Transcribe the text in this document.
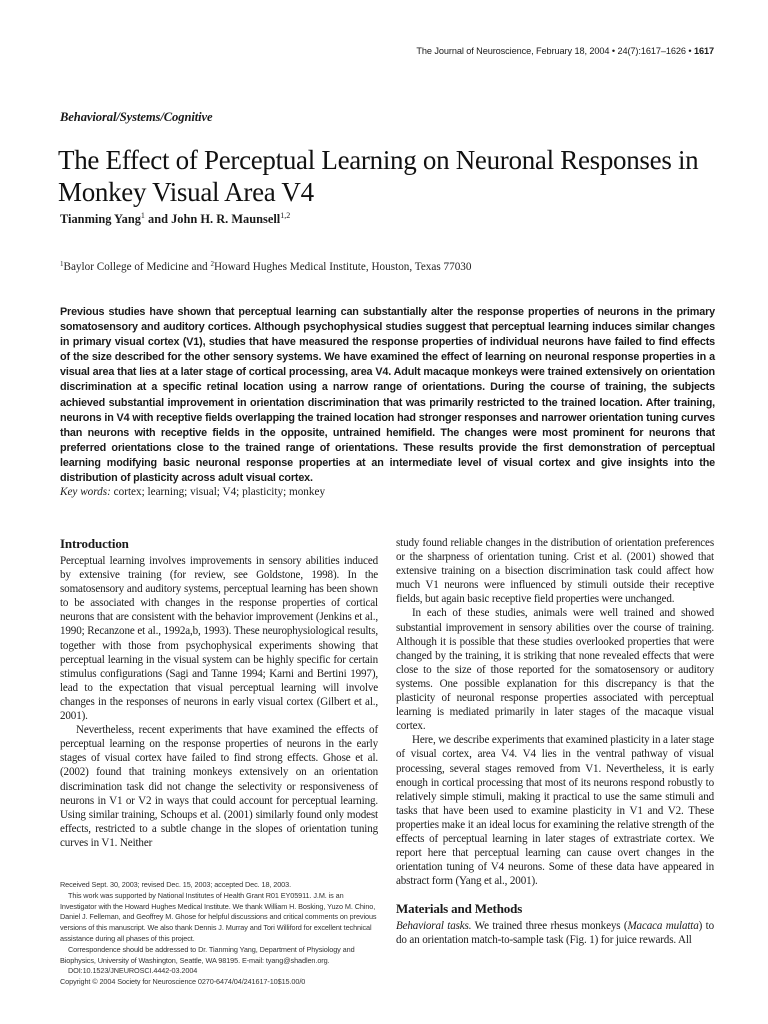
The Journal of Neuroscience, February 18, 2004 • 24(7):1617–1626 • 1617
Behavioral/Systems/Cognitive
The Effect of Perceptual Learning on Neuronal Responses in Monkey Visual Area V4
Tianming Yang$^1$ and John H. R. Maunsell$^{1,2}$
$^1$Baylor College of Medicine and $^2$Howard Hughes Medical Institute, Houston, Texas 77030
Previous studies have shown that perceptual learning can substantially alter the response properties of neurons in the primary somatosensory and auditory cortices. Although psychophysical studies suggest that perceptual learning induces similar changes in primary visual cortex (V1), studies that have measured the response properties of individual neurons have failed to find effects of the size described for the other sensory systems. We have examined the effect of learning on neuronal response properties in a visual area that lies at a later stage of cortical processing, area V4. Adult macaque monkeys were trained extensively on orientation discrimination at a specific retinal location using a narrow range of orientations. During the course of training, the subjects achieved substantial improvement in orientation discrimination that was primarily restricted to the trained location. After training, neurons in V4 with receptive fields overlapping the trained location had stronger responses and narrower orientation tuning curves than neurons with receptive fields in the opposite, untrained hemifield. The changes were most prominent for neurons that preferred orientations close to the trained range of orientations. These results provide the first demonstration of perceptual learning modifying basic neuronal response properties at an intermediate level of visual cortex and give insights into the distribution of plasticity across adult visual cortex.
Key words: cortex; learning; visual; V4; plasticity; monkey
Introduction

Perceptual learning involves improvements in sensory abilities induced by extensive training (for review, see Goldstone, 1998). In the somatosensory and auditory systems, perceptual learning has been shown to be associated with changes in the response properties of cortical neurons that are consistent with the behavior improvement (Jenkins et al., 1990; Recanzone et al., 1992a,b, 1993). These neurophysiological results, together with those from psychophysical experiments showing that perceptual learning in the visual system can be highly specific for certain stimulus configurations (Sagi and Tanne 1994; Karni and Bertini 1997), lead to the expectation that visual perceptual learning will involve changes in the responses of neurons in early visual cortex (Gilbert et al., 2001).

Nevertheless, recent experiments that have examined the effects of perceptual learning on the response properties of neurons in the early stages of visual cortex have failed to find strong effects. Ghose et al. (2002) found that training monkeys extensively on an orientation discrimination task did not change the selectivity or responsiveness of neurons in V1 or V2 in ways that could account for perceptual learning. Using similar training, Schoups et al. (2001) similarly found only modest effects, restricted to a subtle change in the slopes of orientation tuning curves in V1. Neither

study found reliable changes in the distribution of orientation preferences or the sharpness of orientation tuning. Crist et al. (2001) showed that extensive training on a bisection discrimination task could affect how much V1 neurons were influenced by stimuli outside their receptive fields, but again basic receptive field properties were unchanged.

In each of these studies, animals were well trained and showed substantial improvement in sensory abilities over the course of training. Although it is possible that these studies overlooked properties that were changed by the training, it is striking that none revealed effects that were close to the size of those reported for the somatosensory or auditory systems. One possible explanation for this discrepancy is that the plasticity of neuronal response properties associated with perceptual learning is mediated primarily in later stages of the macaque visual cortex.

Here, we describe experiments that examined plasticity in a later stage of visual cortex, area V4. V4 lies in the ventral pathway of visual processing, several stages removed from V1. Nevertheless, it is early enough in cortical processing that most of its neurons respond robustly to relatively simple stimuli, making it practical to use the same stimuli and tasks that have been used to examine plasticity in V1 and V2. These properties make it an ideal locus for examining the relative strength of the effects of perceptual learning in later stages of extrastriate cortex. We report here that perceptual learning can cause overt changes in the orientation tuning of V4 neurons. Some of these data have appeared in abstract form (Yang et al., 2001).

Materials and Methods

Behavioral tasks. We trained three rhesus monkeys (Macaca mulatta) to do an orientation match-to-sample task (Fig. 1) for juice rewards. All

Received Sept. 30, 2003; revised Dec. 15, 2003; accepted Dec. 18, 2003.
This work was supported by National Institutes of Health Grant R01 EY05911. J.M. is an Investigator with the Howard Hughes Medical Institute. We thank William H. Bosking, Yuzo M. Chino, Daniel J. Felleman, and Geoffrey M. Ghose for helpful discussions and critical comments on previous versions of this manuscript. We also thank Dennis J. Murray and Tori Williford for excellent technical assistance during all phases of this project.
Correspondence should be addressed to Dr. Tianming Yang, Department of Physiology and Biophysics, University of Washington, Seattle, WA 98195. E-mail: tyang@shadlen.org.
DOI:10.1523/JNEUROSCI.4442-03.2004
Copyright © 2004 Society for Neuroscience 0270-6474/04/241617-10$15.00/0
